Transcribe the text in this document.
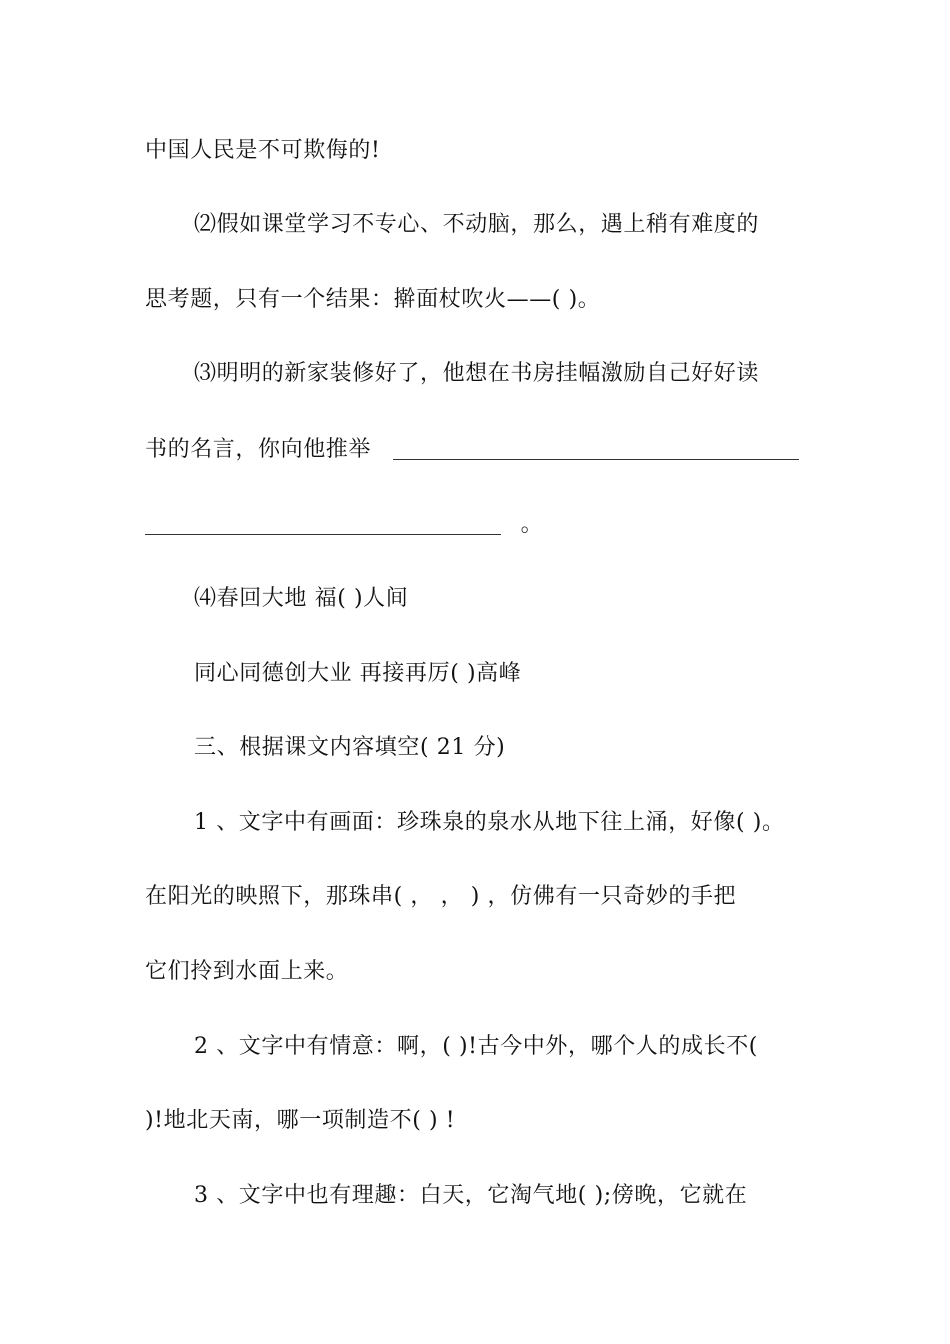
中国人民是不可欺侮的!
⑵假如课堂学习不专心、不动脑，那么，遇上稍有难度的
思考题，只有一个结果：擀面杖吹火——( )。
⑶明明的新家装修好了，他想在书房挂幅激励自己好好读
书的名言，你向他推举
。
⑷春回大地 福( )人间
同心同德创大业 再接再厉( )高峰
三、根据课文内容填空( 21 分)
1 、文字中有画面：珍珠泉的泉水从地下往上涌，好像( )。
在阳光的映照下，那珠串( ， ， ) ，仿佛有一只奇妙的手把
它们拎到水面上来。
2 、文字中有情意：啊，( )!古今中外，哪个人的成长不(
)!地北天南，哪一项制造不( ) !
3 、文字中也有理趣：白天，它淘气地( );傍晚，它就在
